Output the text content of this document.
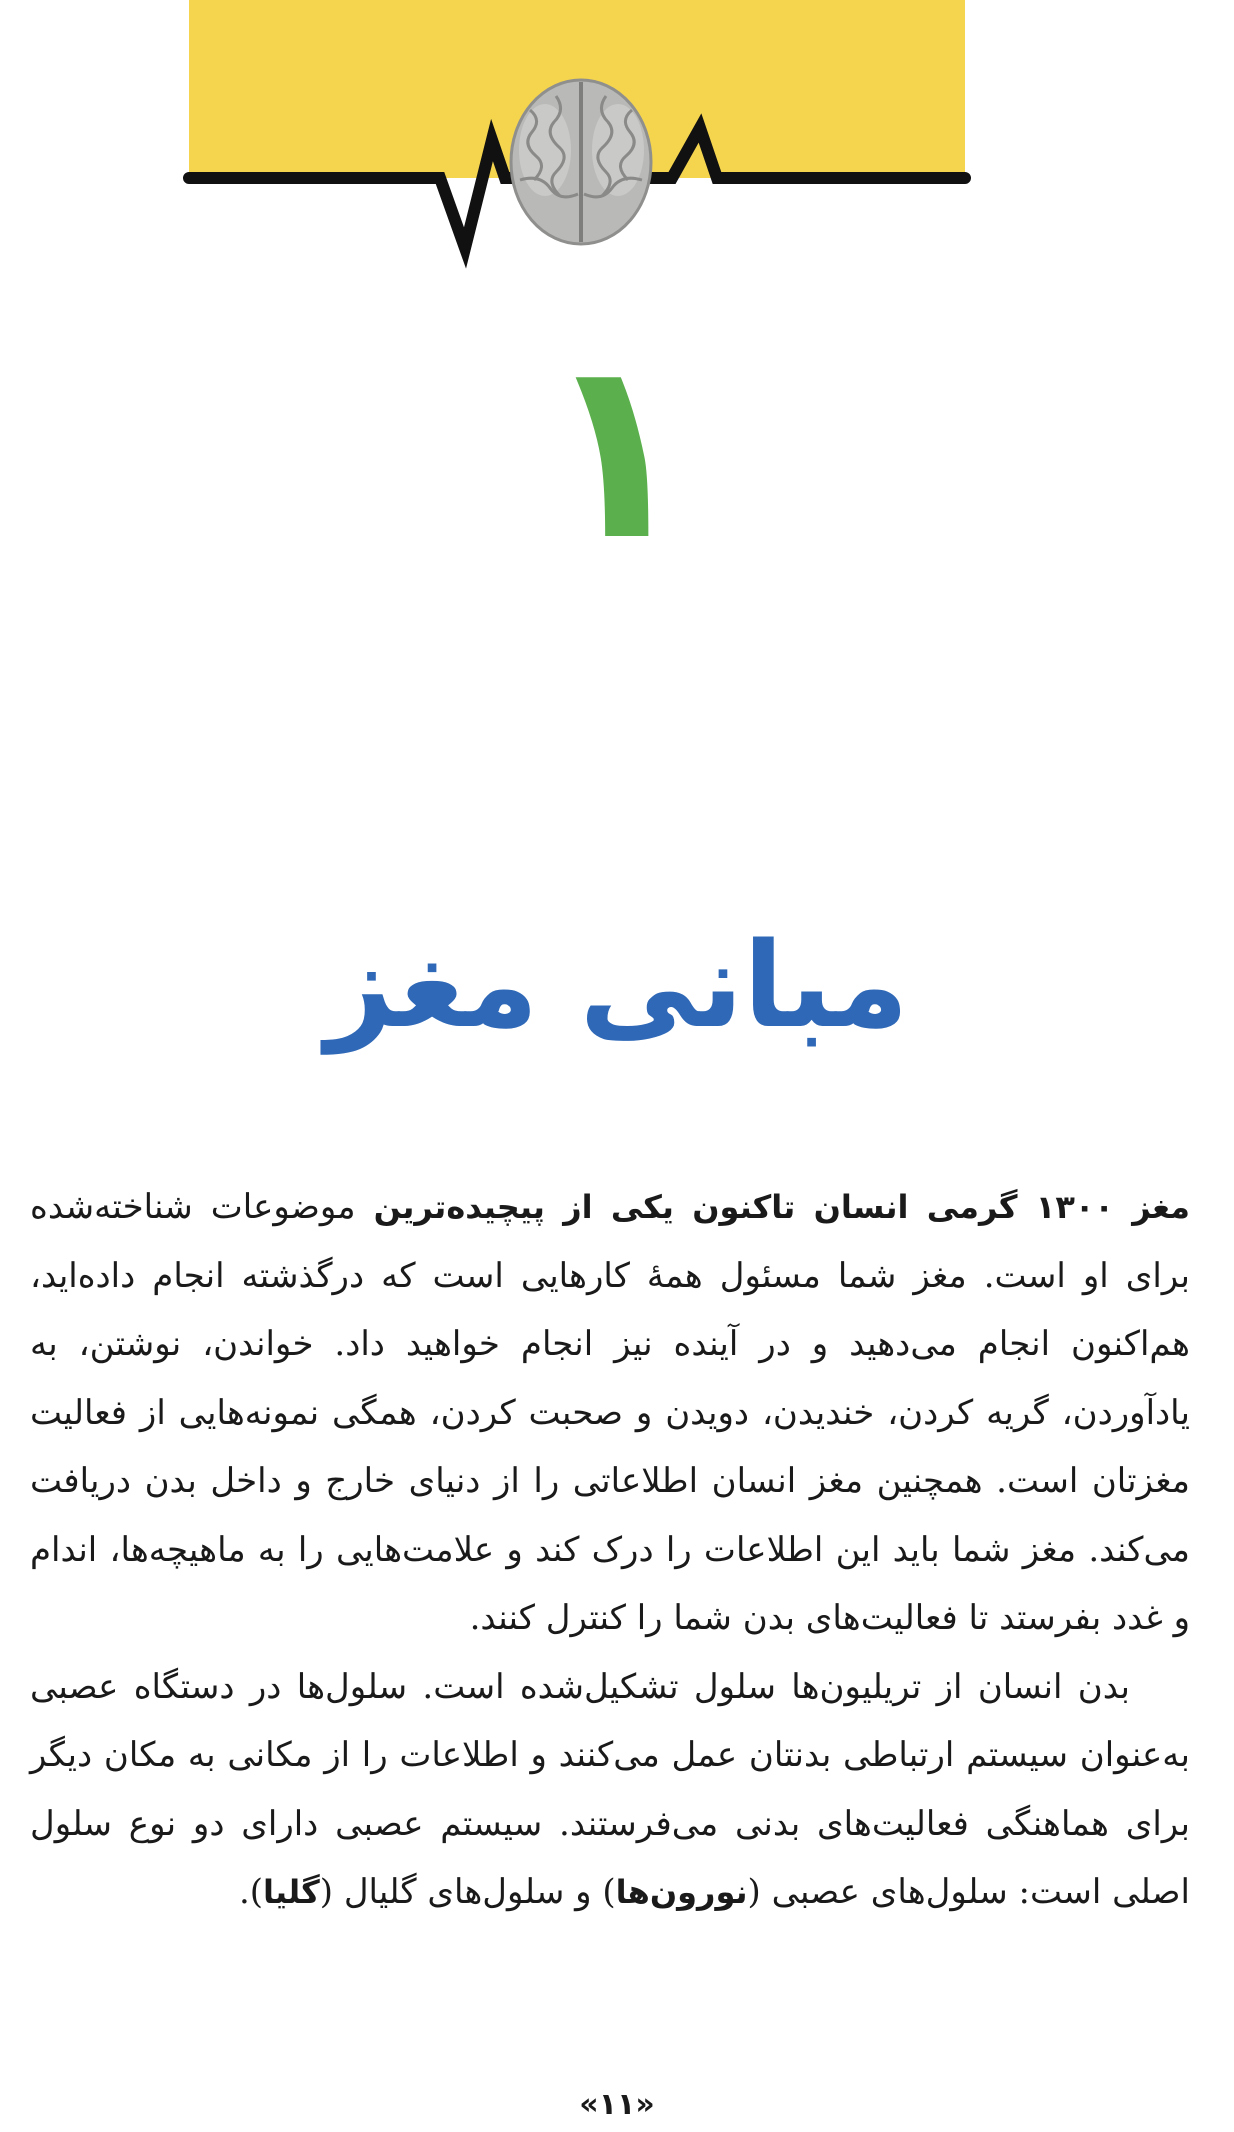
۱
مبانی مغز

مغز ۱۳۰۰ گرمی انسان تاکنون یکی از پیچیده‌ترین موضوعات شناخته‌شده برای او است. مغز شما مسئول همهٔ کارهایی است که درگذشته انجام داده‌اید، هم‌اکنون انجام می‌دهید و در آینده نیز انجام خواهید داد. خواندن، نوشتن، به یادآوردن، گریه کردن، خندیدن، دویدن و صحبت کردن، همگی نمونه‌هایی از فعالیت مغزتان است. همچنین مغز انسان اطلاعاتی را از دنیای خارج و داخل بدن دریافت می‌کند. مغز شما باید این اطلاعات را درک کند و علامت‌هایی را به ماهیچه‌ها، اندام و غدد بفرستد تا فعالیت‌های بدن شما را کنترل کنند.

بدن انسان از تریلیون‌ها سلول تشکیل‌شده است. سلول‌ها در دستگاه عصبی به‌عنوان سیستم ارتباطی بدنتان عمل می‌کنند و اطلاعات را از مکانی به مکان دیگر برای هماهنگی فعالیت‌های بدنی می‌فرستند. سیستم عصبی دارای دو نوع سلول اصلی است: سلول‌های عصبی (نورون‌ها) و سلول‌های گلیال (گلیا).

«۱۱»
